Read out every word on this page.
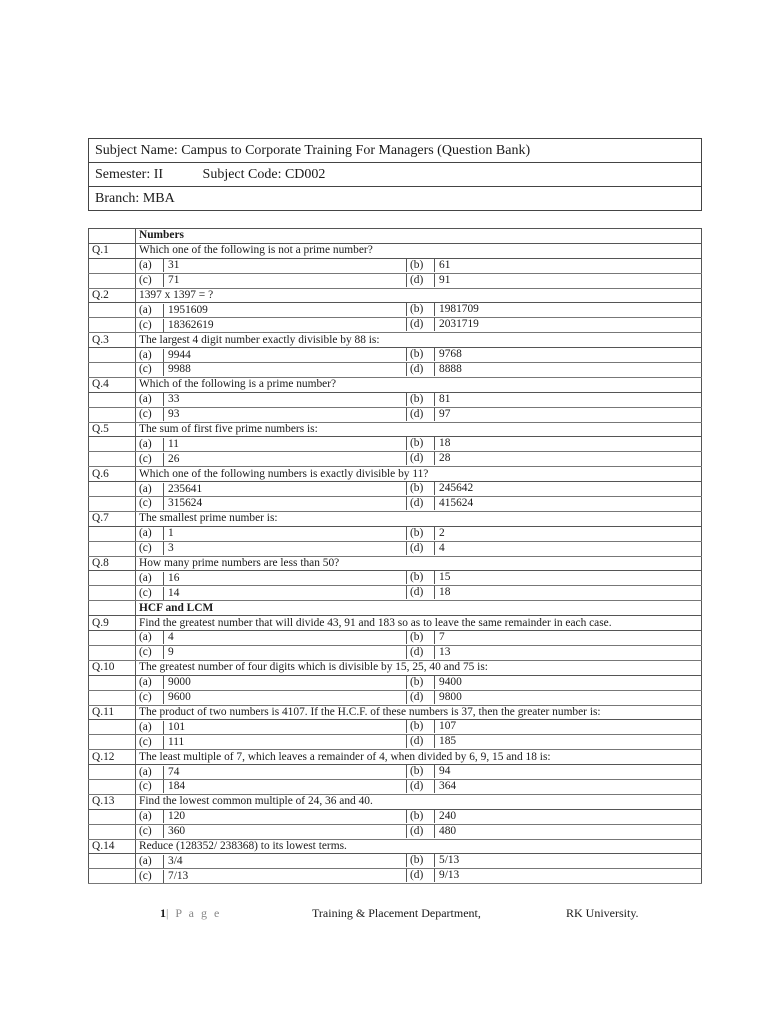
Subject Name: Campus to Corporate Training For Managers (Question Bank)
Semester: II	Subject Code: CD002
Branch: MBA
	Numbers
Q.1	Which one of the following is not a prime number?
	(a) 31 (b) 61

	(c) 71 (d) 91

Q.2	1397 x 1397 = ?
	(a) 1951609 (b) 1981709

	(c) 18362619 (d) 2031719

Q.3	The largest 4 digit number exactly divisible by 88 is:
	(a) 9944 (b) 9768

	(c) 9988 (d) 8888

Q.4	Which of the following is a prime number?
	(a) 33 (b) 81

	(c) 93 (d) 97

Q.5	The sum of first five prime numbers is:
	(a) 11 (b) 18

	(c) 26 (d) 28

Q.6	Which one of the following numbers is exactly divisible by 11?
	(a) 235641 (b) 245642

	(c) 315624 (d) 415624

Q.7	The smallest prime number is:
	(a) 1 (b) 2

	(c) 3 (d) 4

Q.8	How many prime numbers are less than 50?
	(a) 16 (b) 15

	(c) 14 (d) 18

	HCF and LCM
Q.9	Find the greatest number that will divide 43, 91 and 183 so as to leave the same remainder in each case.
	(a) 4 (b) 7

	(c) 9 (d) 13

Q.10	The greatest number of four digits which is divisible by 15, 25, 40 and 75 is:
	(a) 9000 (b) 9400

	(c) 9600 (d) 9800

Q.11	The product of two numbers is 4107. If the H.C.F. of these numbers is 37, then the greater number is:
	(a) 101 (b) 107

	(c) 111 (d) 185

Q.12	The least multiple of 7, which leaves a remainder of 4, when divided by 6, 9, 15 and 18 is:
	(a) 74 (b) 94

	(c) 184 (d) 364

Q.13	Find the lowest common multiple of 24, 36 and 40.
	(a) 120 (b) 240

	(c) 360 (d) 480

Q.14	Reduce (128352/ 238368) to its lowest terms.
	(a) 3/4 (b) 5/13

	(c) 7/13 (d) 9/13
1| P a g e	Training & Placement Department,	RK University.
